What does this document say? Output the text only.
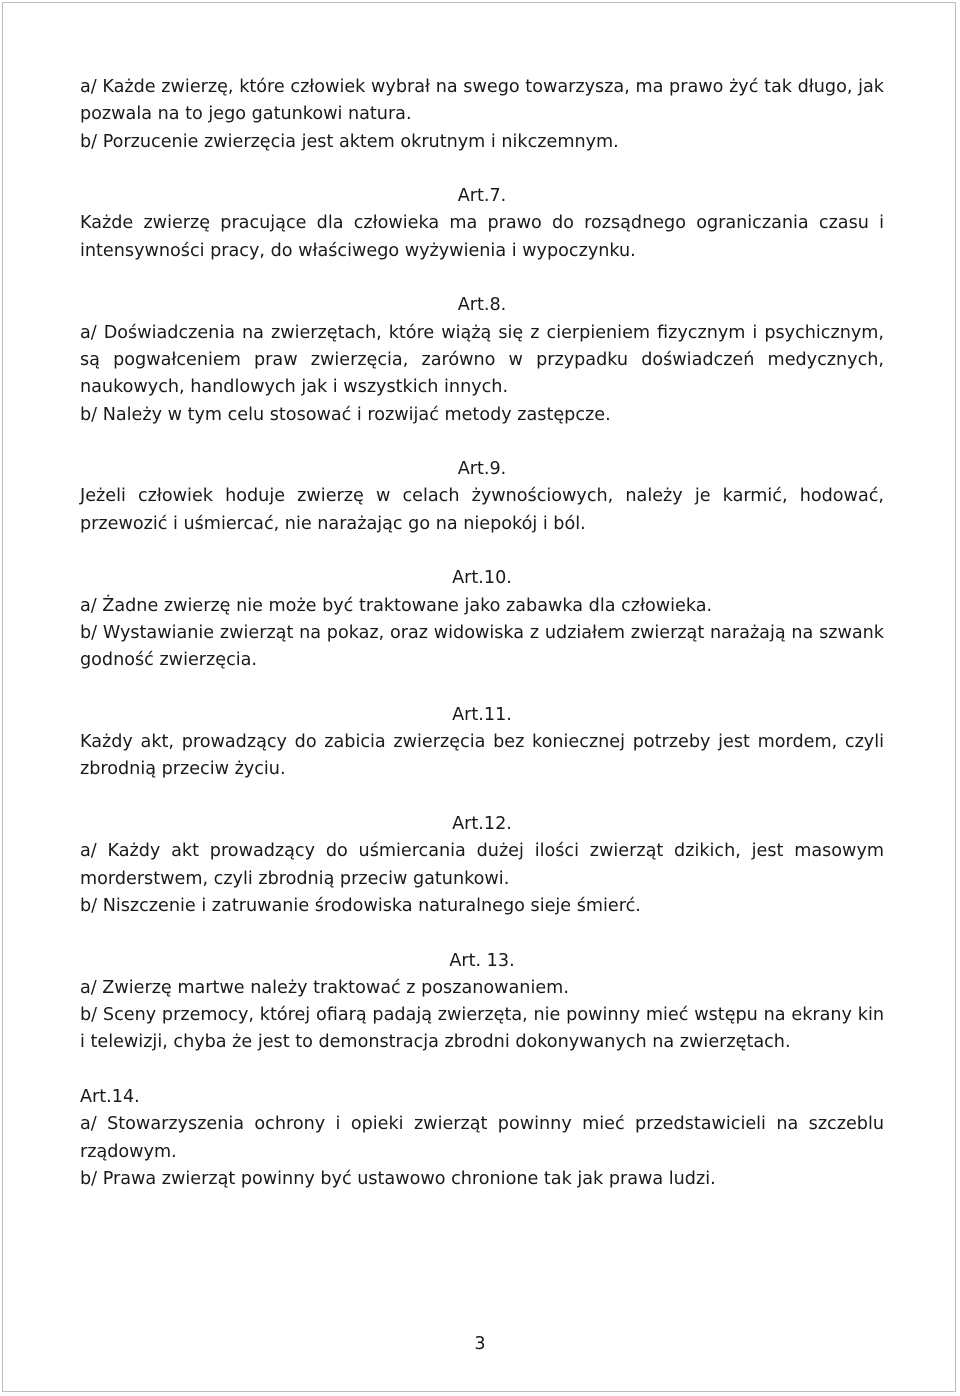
a/ Każde zwierzę, które człowiek wybrał na swego towarzysza, ma prawo żyć tak długo, jak pozwala na to jego gatunkowi natura.

b/ Porzucenie zwierzęcia jest aktem okrutnym i nikczemnym.

Art.7.

Każde zwierzę pracujące dla człowieka ma prawo do rozsądnego ograniczania czasu i intensywności pracy, do właściwego wyżywienia i wypoczynku.

Art.8.

a/ Doświadczenia na zwierzętach, które wiążą się z cierpieniem fizycznym i psychicznym, są pogwałceniem praw zwierzęcia, zarówno w przypadku doświadczeń medycznych, naukowych, handlowych jak i wszystkich innych.

b/ Należy w tym celu stosować i rozwijać metody zastępcze.

Art.9.

Jeżeli człowiek hoduje zwierzę w celach żywnościowych, należy je karmić, hodować, przewozić i uśmiercać, nie narażając go na niepokój i ból.

Art.10.

a/ Żadne zwierzę nie może być traktowane jako zabawka dla człowieka.

b/ Wystawianie zwierząt na pokaz, oraz widowiska z udziałem zwierząt narażają na szwank godność zwierzęcia.

Art.11.

Każdy akt, prowadzący do zabicia zwierzęcia bez koniecznej potrzeby jest mordem, czyli zbrodnią przeciw życiu.

Art.12.

a/ Każdy akt prowadzący do uśmiercania dużej ilości zwierząt dzikich, jest masowym morderstwem, czyli zbrodnią przeciw gatunkowi.

b/ Niszczenie i zatruwanie środowiska naturalnego sieje śmierć.

Art. 13.

a/ Zwierzę martwe należy traktować z poszanowaniem.

b/ Sceny przemocy, której ofiarą padają zwierzęta, nie powinny mieć wstępu na ekrany kin i telewizji, chyba że jest to demonstracja zbrodni dokonywanych na zwierzętach.

Art.14.

a/ Stowarzyszenia ochrony i opieki zwierząt powinny mieć przedstawicieli na szczeblu rządowym.

b/ Prawa zwierząt powinny być ustawowo chronione tak jak prawa ludzi.

3
